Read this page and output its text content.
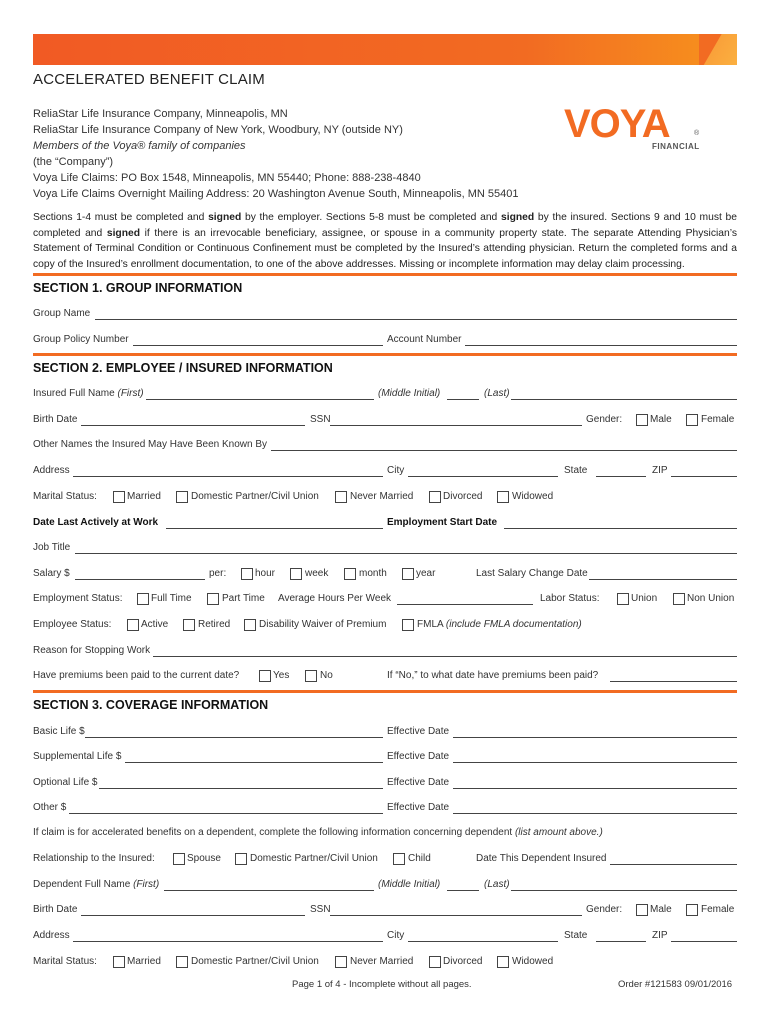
ACCELERATED BENEFIT CLAIM
ReliaStar Life Insurance Company, Minneapolis, MN
ReliaStar Life Insurance Company of New York, Woodbury, NY (outside NY)
Members of the Voya® family of companies
(the “Company”)
Voya Life Claims: PO Box 1548, Minneapolis, MN 55440; Phone: 888-238-4840
Voya Life Claims Overnight Mailing Address: 20 Washington Avenue South, Minneapolis, MN 55401
VOYA	®
FINANCIAL
Sections 1-4 must be completed and signed by the employer. Sections 5-8 must be completed and signed by the insured. Sections 9 and 10 must be completed and signed if there is an irrevocable beneficiary, assignee, or spouse in a community property state. The separate Attending Physician’s Statement of Terminal Condition or Continuous Confinement must be completed by the Insured’s attending physician. Return the completed forms and a copy of the Insured’s enrollment documentation, to one of the above addresses. Missing or incomplete information may delay claim processing.
SECTION 1. GROUP INFORMATION
Group Name
Group Policy Number	Account Number
SECTION 2. EMPLOYEE / INSURED INFORMATION
Insured Full Name (First)	(Middle Initial)	(Last)
Birth Date	SSN	Gender:	Male	Female
Other Names the Insured May Have Been Known By
Address	City	State	ZIP
Marital Status:	Married	Domestic Partner/Civil Union	Never Married	Divorced	Widowed
Date Last Actively at Work	Employment Start Date
Job Title
Salary $	per:	hour	week	month	year	Last Salary Change Date
Employment Status:	Full Time	Part Time Average Hours Per Week	Labor Status:	Union	Non Union
Employee Status:	Active	Retired	Disability Waiver of Premium	FMLA (include FMLA documentation)
Reason for Stopping Work
Have premiums been paid to the current date?	Yes	No	If “No,” to what date have premiums been paid?
SECTION 3. COVERAGE INFORMATION
Basic Life $	Effective Date
Supplemental Life $	Effective Date
Optional Life $	Effective Date
Other $	Effective Date
If claim is for accelerated benefits on a dependent, complete the following information concerning dependent (list amount above.)
Relationship to the Insured:	Spouse	Domestic Partner/Civil Union	Child	Date This Dependent Insured
Dependent Full Name (First)	(Middle Initial)	(Last)
Birth Date	SSN	Gender:	Male	Female
Address	City	State	ZIP
Marital Status:	Married	Domestic Partner/Civil Union	Never Married	Divorced	Widowed
Page 1 of 4 - Incomplete without all pages.	Order #121583 09/01/2016
